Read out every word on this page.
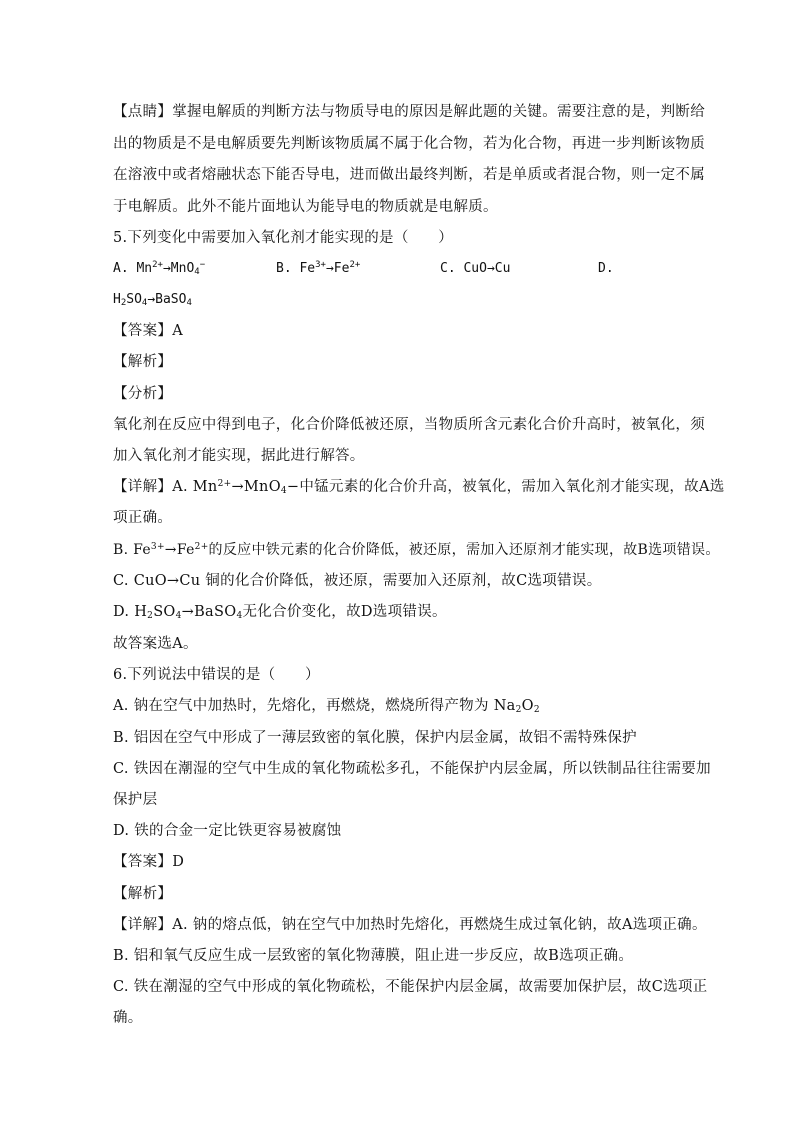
【点睛】掌握电解质的判断方法与物质导电的原因是解此题的关键。需要注意的是，判断给
出的物质是不是电解质要先判断该物质属不属于化合物，若为化合物，再进一步判断该物质
在溶液中或者熔融状态下能否导电，进而做出最终判断，若是单质或者混合物，则一定不属
于电解质。此外不能片面地认为能导电的物质就是电解质。
5.下列变化中需要加入氧化剂才能实现的是（　　）
A. $Mn^{2+}\to MnO_4^-$	B. $Fe^{3+}\to Fe^{2+}$	C. CuO→Cu	D.
$H_2SO_4\to BaSO_4$
【答案】A
【解析】
【分析】
氧化剂在反应中得到电子，化合价降低被还原，当物质所含元素化合价升高时，被氧化，须
加入氧化剂才能实现，据此进行解答。
【详解】A. $Mn^{2+}\to MnO_4-$中锰元素的化合价升高，被氧化，需加入氧化剂才能实现，故A选
项正确。
B. $Fe^{3+}\to Fe^{2+}$的反应中铁元素的化合价降低，被还原，需加入还原剂才能实现，故B选项错误。
C. CuO→Cu 铜的化合价降低，被还原，需要加入还原剂，故C选项错误。
D. $H_2SO_4\to BaSO_4$无化合价变化，故D选项错误。
故答案选A。
6.下列说法中错误的是（　　）
A. 钠在空气中加热时，先熔化，再燃烧，燃烧所得产物为 $Na_2O_2$
B. 铝因在空气中形成了一薄层致密的氧化膜，保护内层金属，故铝不需特殊保护
C. 铁因在潮湿的空气中生成的氧化物疏松多孔，不能保护内层金属，所以铁制品往往需要加
保护层
D. 铁的合金一定比铁更容易被腐蚀
【答案】D
【解析】
【详解】A. 钠的熔点低，钠在空气中加热时先熔化，再燃烧生成过氧化钠，故A选项正确。
B. 铝和氧气反应生成一层致密的氧化物薄膜，阻止进一步反应，故B选项正确。
C. 铁在潮湿的空气中形成的氧化物疏松，不能保护内层金属，故需要加保护层，故C选项正
确。
